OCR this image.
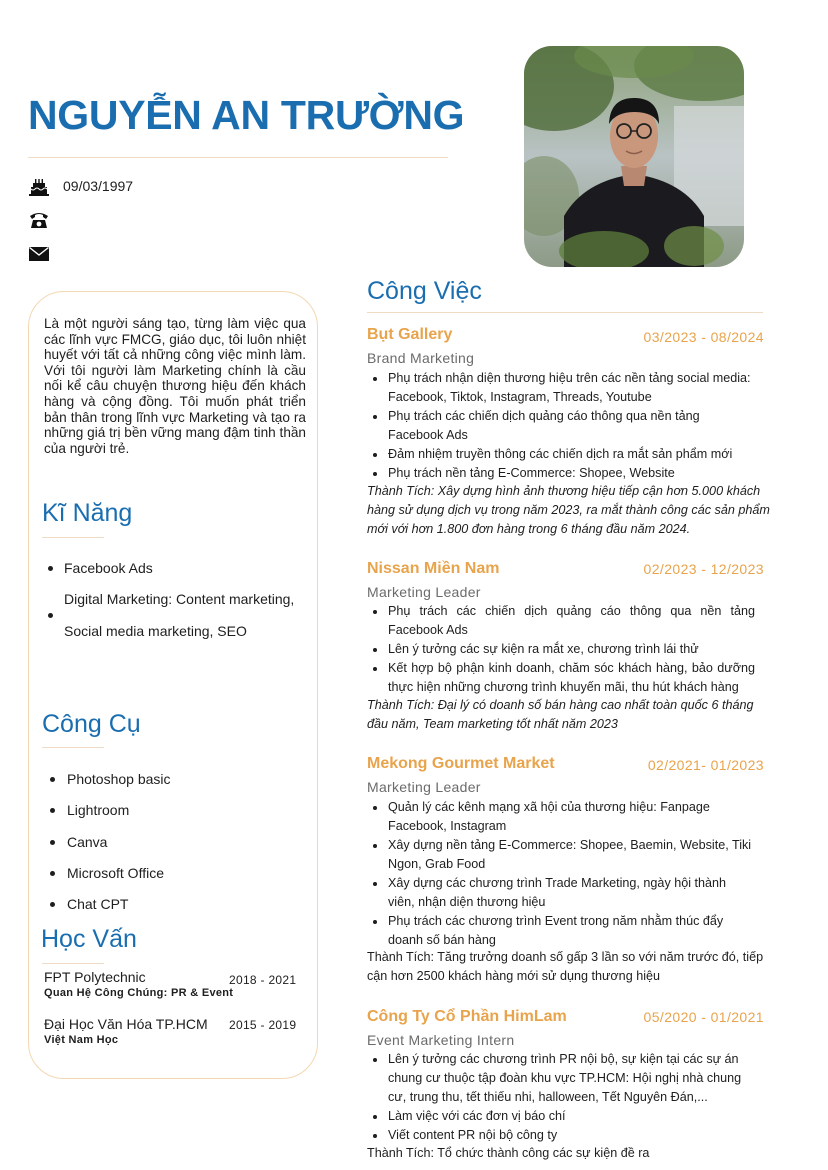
NGUYỄN AN TRƯỜNG
09/03/1997

Là một người sáng tạo, từng làm việc qua các lĩnh vực FMCG, giáo dục, tôi luôn nhiệt huyết với tất cả những công việc mình làm. Với tôi người làm Marketing chính là cầu nối kể câu chuyện thương hiệu đến khách hàng và cộng đồng. Tôi muốn phát triển bản thân trong lĩnh vực Marketing và tạo ra những giá trị bền vững mang đậm tinh thần của người trẻ.

Kĩ Năng
Facebook Ads
Digital Marketing: Content marketing, Social media marketing, SEO
Công Cụ
Photoshop basic
Lightroom
Canva
Microsoft Office
Chat CPT
Học Vấn
FPT Polytechnic	2018 - 2021
Quan Hệ Công Chúng: PR & Event
Đại Học Văn Hóa TP.HCM 2015 - 2019
Việt Nam Học
Công Việc
Bụt Gallery	03/2023 - 08/2024
Brand Marketing
Phụ trách nhận diện thương hiệu trên các nền tảng social media: Facebook, Tiktok, Instagram, Threads, Youtube
Phụ trách các chiến dịch quảng cáo thông qua nền tảng Facebook Ads
Đảm nhiệm truyền thông các chiến dịch ra mắt sản phẩm mới
Phụ trách nền tảng E-Commerce: Shopee, Website

Thành Tích: Xây dựng hình ảnh thương hiệu tiếp cận hơn 5.000 khách hàng sử dụng dịch vụ trong năm 2023, ra mắt thành công các sản phẩm mới với hơn 1.800 đơn hàng trong 6 tháng đầu năm 2024.

Nissan Miền Nam	02/2023 - 12/2023
Marketing Leader
Phụ trách các chiến dịch quảng cáo thông qua nền tảng Facebook Ads
Lên ý tưởng các sự kiện ra mắt xe, chương trình lái thử
Kết hợp bộ phận kinh doanh, chăm sóc khách hàng, bảo dưỡng thực hiện những chương trình khuyến mãi, thu hút khách hàng

Thành Tích: Đại lý có doanh số bán hàng cao nhất toàn quốc 6 tháng đầu năm, Team marketing tốt nhất năm 2023

Mekong Gourmet Market	02/2021- 01/2023
Marketing Leader
Quản lý các kênh mạng xã hội của thương hiệu: Fanpage Facebook, Instagram
Xây dựng nền tảng E-Commerce: Shopee, Baemin, Website, Tiki Ngon, Grab Food
Xây dựng các chương trình Trade Marketing, ngày hội thành viên, nhận diện thương hiệu
Phụ trách các chương trình Event trong năm nhằm thúc đẩy doanh số bán hàng

Thành Tích: Tăng trưởng doanh số gấp 3 lần so với năm trước đó, tiếp cận hơn 2500 khách hàng mới sử dụng thương hiệu

Công Ty Cổ Phần HimLam	05/2020 - 01/2021
Event Marketing Intern
Lên ý tưởng các chương trình PR nội bộ, sự kiện tại các sự án chung cư thuộc tập đoàn khu vực TP.HCM: Hội nghị nhà chung cư, trung thu, tết thiếu nhi, halloween, Tết Nguyên Đán,...
Làm việc với các đơn vị báo chí
Viết content PR nội bộ công ty

Thành Tích: Tổ chức thành công các sự kiện đề ra
